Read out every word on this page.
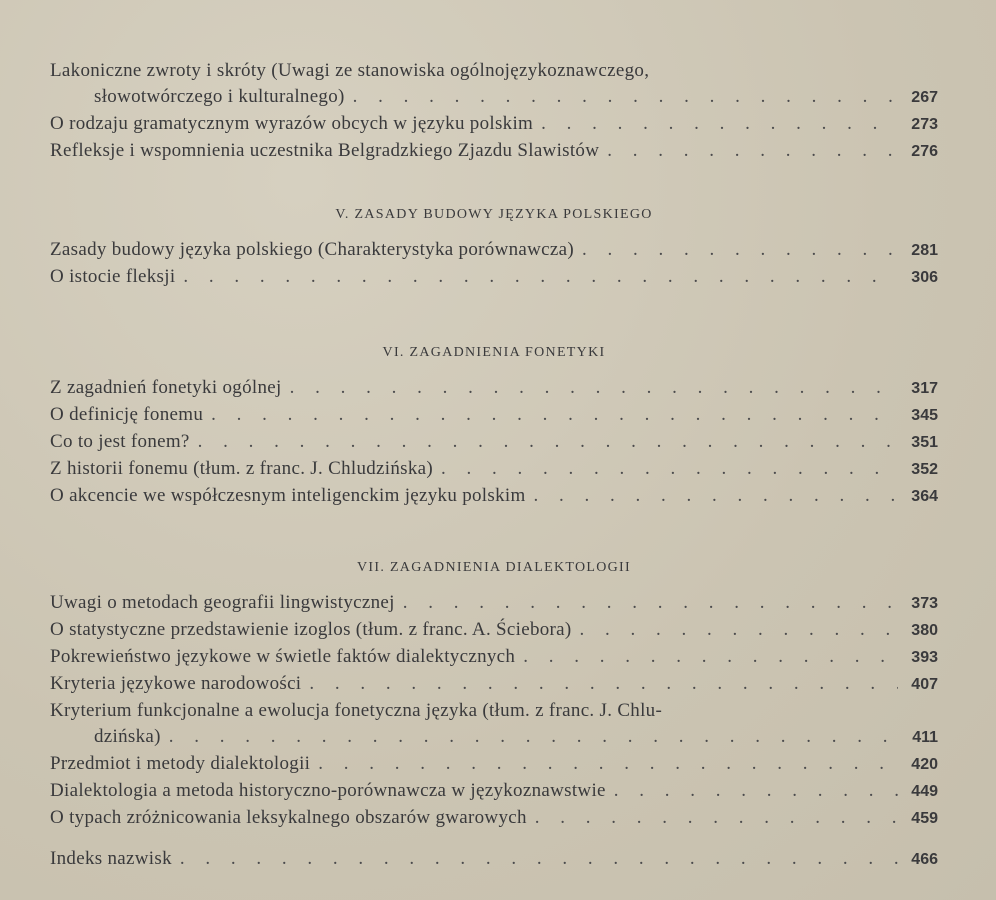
Lakoniczne zwroty i skróty (Uwagi ze stanowiska ogólnojęzykoznawczego,
słowotwórczego i kulturalnego) . . .	267
O rodzaju gramatycznym wyrazów obcych w języku polskim . . .	273
Refleksje i wspomnienia uczestnika Belgradzkiego Zjazdu Slawistów . . .	276
V. ZASADY BUDOWY JĘZYKA POLSKIEGO
Zasady budowy języka polskiego (Charakterystyka porównawcza) . . .	281
O istocie fleksji . . .	306
VI. ZAGADNIENIA FONETYKI
Z zagadnień fonetyki ogólnej . . .	317
O definicję fonemu . . .	345
Co to jest fonem? . . .	351
Z historii fonemu (tłum. z franc. J. Chludzińska) . . .	352
O akcencie we współczesnym inteligenckim języku polskim . . .	364
VII. ZAGADNIENIA DIALEKTOLOGII
Uwagi o metodach geografii lingwistycznej . . .	373
O statystyczne przedstawienie izoglos (tłum. z franc. A. Ściebora) . . .	380
Pokrewieństwo językowe w świetle faktów dialektycznych . . .	393
Kryteria językowe narodowości . . .	407
Kryterium funkcjonalne a ewolucja fonetyczna języka (tłum. z franc. J. Chlu-
dzińska) . . .	411
Przedmiot i metody dialektologii . . .	420
Dialektologia a metoda historyczno-porównawcza w językoznawstwie . . .	449
O typach zróżnicowania leksykalnego obszarów gwarowych . . .	459
Indeks nazwisk . . .	466
